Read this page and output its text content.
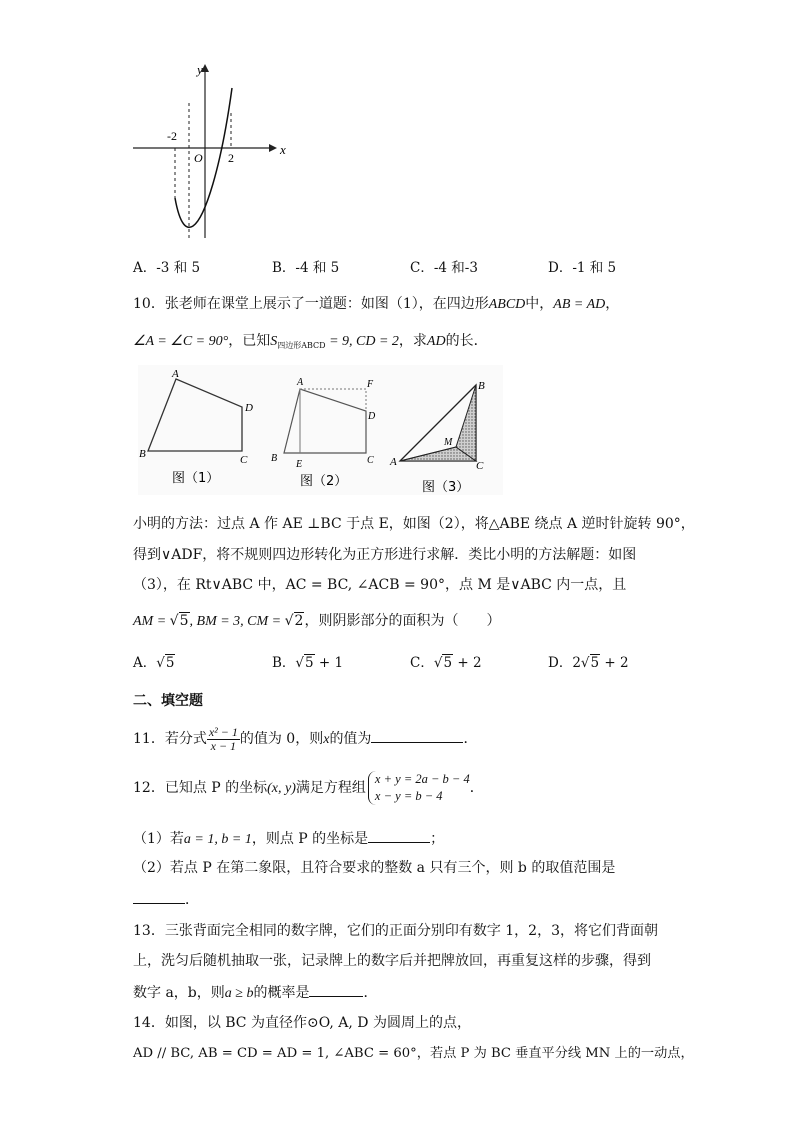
y
x
O
-2
2
A．-3 和 5	B．-4 和 5	C．-4 和-3	D．-1 和 5
10．张老师在课堂上展示了一道题：如图（1），在四边形ABCD中，AB = AD，
∠A = ∠C = 90°，已知$S_{四边形ABCD} = 9$, CD = 2，求AD的长．
A
B	C
D
图（1）
A	F
D
B
E	C
图（2）
B
M
A	C
图（3）
小明的方法：过点 A 作 AE ⊥BC 于点 E，如图（2），将△ABE 绕点 A 逆时针旋转 90°，
得到∨ADF，将不规则四边形转化为正方形进行求解．类比小明的方法解题：如图
（3），在 Rt∨ABC 中，AC = BC, ∠ACB = 90°，点 M 是∨ABC 内一点，且
AM = √5, BM = 3, CM = √2，则阴影部分的面积为（　　）
A．√5	B．√5 + 1	C．√5 + 2	D．2√5 + 2
二、填空题
11．若分式 $\frac{\text{x² − 1}}{x - 1}$ 的值为 0，则x的值为	．
12．已知点 P 的坐标(x, y)满足方程组
x + y = 2a − b − 4
x − y = b − 4	．
（1）若a = 1, b = 1，则点 P 的坐标是	；
（2）若点 P 在第二象限，且符合要求的整数 a 只有三个，则 b 的取值范围是
．
13．三张背面完全相同的数字牌，它们的正面分别印有数字 1，2，3，将它们背面朝
上，洗匀后随机抽取一张，记录牌上的数字后并把牌放回，再重复这样的步骤，得到
数字 a，b，则a ≥ b的概率是	．
14．如图，以 BC 为直径作⊙O, A, D 为圆周上的点，
AD // BC, AB = CD = AD = 1, ∠ABC = 60°，若点 P 为 BC 垂直平分线 MN 上的一动点，
